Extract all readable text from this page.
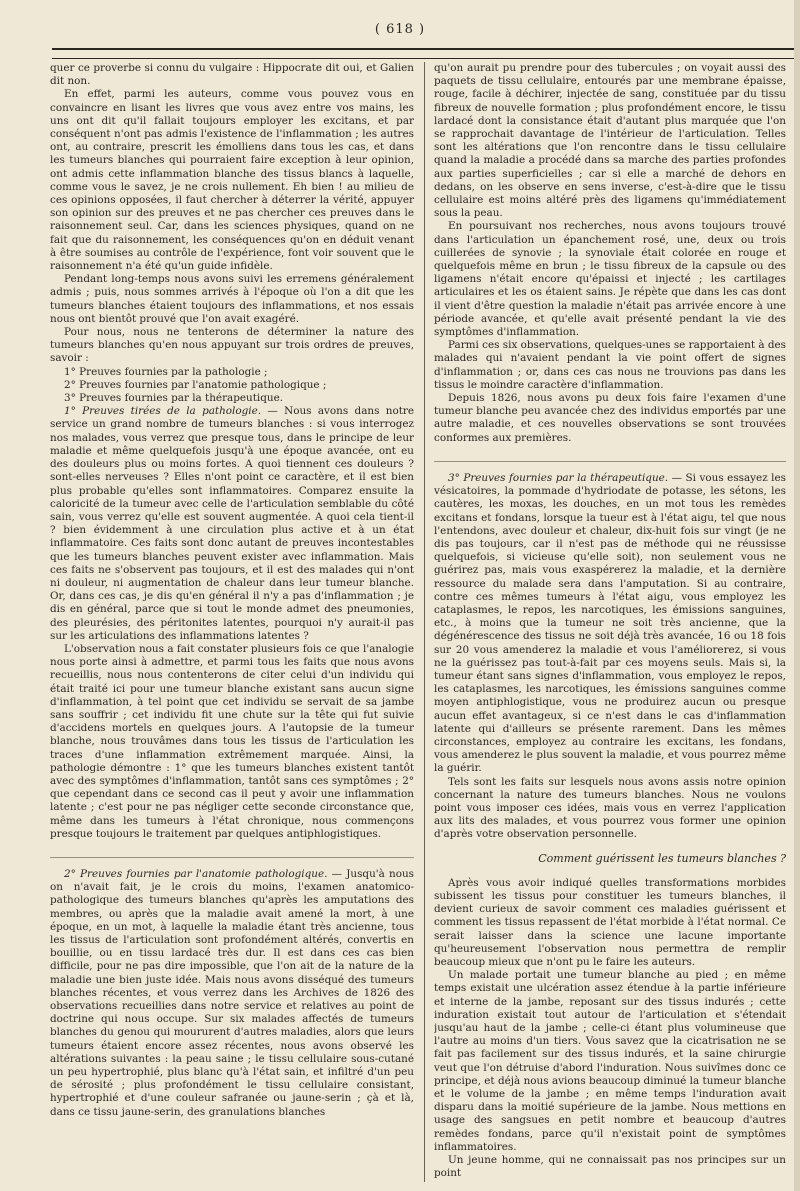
( 618 )

quer ce proverbe si connu du vulgaire : Hippocrate dit oui, et Galien dit non.

En effet, parmi les auteurs, comme vous pouvez vous en convaincre en lisant les livres que vous avez entre vos mains, les uns ont dit qu'il fallait toujours employer les excitans, et par conséquent n'ont pas admis l'existence de l'inflammation ; les autres ont, au contraire, prescrit les émolliens dans tous les cas, et dans les tumeurs blanches qui pourraient faire exception à leur opinion, ont admis cette inflammation blanche des tissus blancs à laquelle, comme vous le savez, je ne crois nullement. Eh bien ! au milieu de ces opinions opposées, il faut chercher à déterrer la vérité, appuyer son opinion sur des preuves et ne pas chercher ces preuves dans le raisonnement seul. Car, dans les sciences physiques, quand on ne fait que du raisonnement, les conséquences qu'on en déduit venant à être soumises au contrôle de l'expérience, font voir souvent que le raisonnement n'a été qu'un guide infidèle.

Pendant long-temps nous avons suivi les erremens généralement admis ; puis, nous sommes arrivés à l'époque où l'on a dit que les tumeurs blanches étaient toujours des inflammations, et nos essais nous ont bientôt prouvé que l'on avait exagéré.

Pour nous, nous ne tenterons de déterminer la nature des tumeurs blanches qu'en nous appuyant sur trois ordres de preuves, savoir :

1° Preuves fournies par la pathologie ;

2° Preuves fournies par l'anatomie pathologique ;

3° Preuves fournies par la thérapeutique.

1° Preuves tirées de la pathologie. — Nous avons dans notre service un grand nombre de tumeurs blanches : si vous interrogez nos malades, vous verrez que presque tous, dans le principe de leur maladie et même quelquefois jusqu'à une époque avancée, ont eu des douleurs plus ou moins fortes. A quoi tiennent ces douleurs ? sont-elles nerveuses ? Elles n'ont point ce caractère, et il est bien plus probable qu'elles sont inflammatoires. Comparez ensuite la caloricité de la tumeur avec celle de l'articulation semblable du côté sain, vous verrez qu'elle est souvent augmentée. A quoi cela tient-il ? bien évidemment à une circulation plus active et à un état inflammatoire. Ces faits sont donc autant de preuves incontestables que les tumeurs blanches peuvent exister avec inflammation. Mais ces faits ne s'observent pas toujours, et il est des malades qui n'ont ni douleur, ni augmentation de chaleur dans leur tumeur blanche. Or, dans ces cas, je dis qu'en général il n'y a pas d'inflammation ; je dis en général, parce que si tout le monde admet des pneumonies, des pleurésies, des péritonites latentes, pourquoi n'y aurait-il pas sur les articulations des inflammations latentes ?

L'observation nous a fait constater plusieurs fois ce que l'analogie nous porte ainsi à admettre, et parmi tous les faits que nous avons recueillis, nous nous contenterons de citer celui d'un individu qui était traité ici pour une tumeur blanche existant sans aucun signe d'inflammation, à tel point que cet individu se servait de sa jambe sans souffrir ; cet individu fit une chute sur la tête qui fut suivie d'accidens mortels en quelques jours. A l'autopsie de la tumeur blanche, nous trouvâmes dans tous les tissus de l'articulation les traces d'une inflammation extrêmement marquée. Ainsi, la pathologie démontre : 1° que les tumeurs blanches existent tantôt avec des symptômes d'inflammation, tantôt sans ces symptômes ; 2° que cependant dans ce second cas il peut y avoir une inflammation latente ; c'est pour ne pas négliger cette seconde circonstance que, même dans les tumeurs à l'état chronique, nous commençons presque toujours le traitement par quelques antiphlogistiques.

2° Preuves fournies par l'anatomie pathologique. — Jusqu'à nous on n'avait fait, je le crois du moins, l'examen anatomico-pathologique des tumeurs blanches qu'après les amputations des membres, ou après que la maladie avait amené la mort, à une époque, en un mot, à laquelle la maladie étant très ancienne, tous les tissus de l'articulation sont profondément altérés, convertis en bouillie, ou en tissu lardacé très dur. Il est dans ces cas bien difficile, pour ne pas dire impossible, que l'on ait de la nature de la maladie une bien juste idée. Mais nous avons disséqué des tumeurs blanches récentes, et vous verrez dans les Archives de 1826 des observations recueillies dans notre service et relatives au point de doctrine qui nous occupe. Sur six malades affectés de tumeurs blanches du genou qui moururent d'autres maladies, alors que leurs tumeurs étaient encore assez récentes, nous avons observé les altérations suivantes : la peau saine ; le tissu cellulaire sous-cutané un peu hypertrophié, plus blanc qu'à l'état sain, et infiltré d'un peu de sérosité ; plus profondément le tissu cellulaire consistant, hypertrophié et d'une couleur safranée ou jaune-serin ; çà et là, dans ce tissu jaune-serin, des granulations blanches

qu'on aurait pu prendre pour des tubercules ; on voyait aussi des paquets de tissu cellulaire, entourés par une membrane épaisse, rouge, facile à déchirer, injectée de sang, constituée par du tissu fibreux de nouvelle formation ; plus profondément encore, le tissu lardacé dont la consistance était d'autant plus marquée que l'on se rapprochait davantage de l'intérieur de l'articulation. Telles sont les altérations que l'on rencontre dans le tissu cellulaire quand la maladie a procédé dans sa marche des parties profondes aux parties superficielles ; car si elle a marché de dehors en dedans, on les observe en sens inverse, c'est-à-dire que le tissu cellulaire est moins altéré près des ligamens qu'immédiatement sous la peau.

En poursuivant nos recherches, nous avons toujours trouvé dans l'articulation un épanchement rosé, une, deux ou trois cuillerées de synovie ; la synoviale était colorée en rouge et quelquefois même en brun ; le tissu fibreux de la capsule ou des ligamens n'était encore qu'épaissi et injecté ; les cartilages articulaires et les os étaient sains. Je répète que dans les cas dont il vient d'être question la maladie n'était pas arrivée encore à une période avancée, et qu'elle avait présenté pendant la vie des symptômes d'inflammation.

Parmi ces six observations, quelques-unes se rapportaient à des malades qui n'avaient pendant la vie point offert de signes d'inflammation ; or, dans ces cas nous ne trouvions pas dans les tissus le moindre caractère d'inflammation.

Depuis 1826, nous avons pu deux fois faire l'examen d'une tumeur blanche peu avancée chez des individus emportés par une autre maladie, et ces nouvelles observations se sont trouvées conformes aux premières.

3° Preuves fournies par la thérapeutique. — Si vous essayez les vésicatoires, la pommade d'hydriodate de potasse, les sétons, les cautères, les moxas, les douches, en un mot tous les remèdes excitans et fondans, lorsque la tueur est à l'état aigu, tel que nous l'entendons, avec douleur et chaleur, dix-huit fois sur vingt (je ne dis pas toujours, car il n'est pas de méthode qui ne réussisse quelquefois, si vicieuse qu'elle soit), non seulement vous ne guérirez pas, mais vous exaspérerez la maladie, et la dernière ressource du malade sera dans l'amputation. Si au contraire, contre ces mêmes tumeurs à l'état aigu, vous employez les cataplasmes, le repos, les narcotiques, les émissions sanguines, etc., à moins que la tumeur ne soit très ancienne, que la dégénérescence des tissus ne soit déjà très avancée, 16 ou 18 fois sur 20 vous amenderez la maladie et vous l'améliorerez, si vous ne la guérissez pas tout-à-fait par ces moyens seuls. Mais si, la tumeur étant sans signes d'inflammation, vous employez le repos, les cataplasmes, les narcotiques, les émissions sanguines comme moyen antiphlogistique, vous ne produirez aucun ou presque aucun effet avantageux, si ce n'est dans le cas d'inflammation latente qui d'ailleurs se présente rarement. Dans les mêmes circonstances, employez au contraire les excitans, les fondans, vous amenderez le plus souvent la maladie, et vous pourrez même la guérir.

Tels sont les faits sur lesquels nous avons assis notre opinion concernant la nature des tumeurs blanches. Nous ne voulons point vous imposer ces idées, mais vous en verrez l'application aux lits des malades, et vous pourrez vous former une opinion d'après votre observation personnelle.

Comment guérissent les tumeurs blanches ?

Après vous avoir indiqué quelles transformations morbides subissent les tissus pour constituer les tumeurs blanches, il devient curieux de savoir comment ces maladies guérissent et comment les tissus repassent de l'état morbide à l'état normal. Ce serait laisser dans la science une lacune importante qu'heureusement l'observation nous permettra de remplir beaucoup mieux que n'ont pu le faire les auteurs.

Un malade portait une tumeur blanche au pied ; en même temps existait une ulcération assez étendue à la partie inférieure et interne de la jambe, reposant sur des tissus indurés ; cette induration existait tout autour de l'articulation et s'étendait jusqu'au haut de la jambe ; celle-ci étant plus volumineuse que l'autre au moins d'un tiers. Vous savez que la cicatrisation ne se fait pas facilement sur des tissus indurés, et la saine chirurgie veut que l'on détruise d'abord l'induration. Nous suivîmes donc ce principe, et déjà nous avions beaucoup diminué la tumeur blanche et le volume de la jambe ; en même temps l'induration avait disparu dans la moitié supérieure de la jambe. Nous mettions en usage des sangsues en petit nombre et beaucoup d'autres remèdes fondans, parce qu'il n'existait point de symptômes inflammatoires.

Un jeune homme, qui ne connaissait pas nos principes sur un point
